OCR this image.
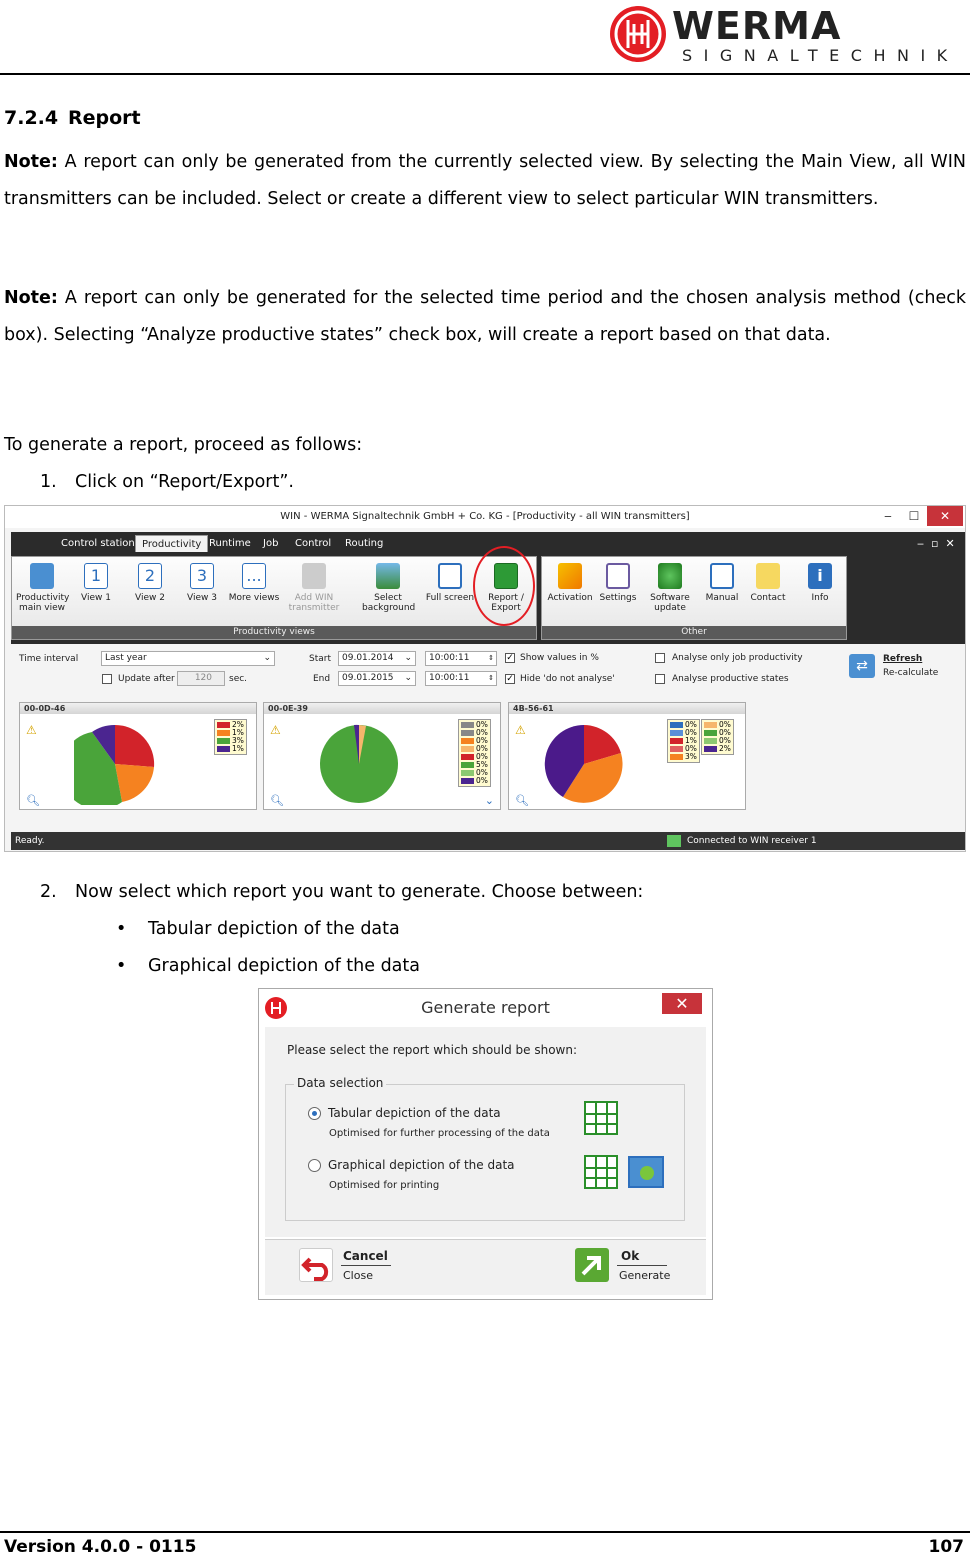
WERMA
SIGNALTECHNIK
7.2.4 Report
Note: A report can only be generated from the currently selected view. By selecting the Main View, all WIN transmitters can be included. Select or create a different view to select particular WIN transmitters.
Note: A report can only be generated for the selected time period and the chosen analysis method (check box). Selecting “Analyze productive states” check box, will create a report based on that data.
To generate a report, proceed as follows:
1. Click on “Report/Export”.
WIN - WERMA Signaltechnik GmbH + Co. KG - [Productivity - all WIN transmitters]	‒	☐	✕
Control station Productivity Runtime	Job	Control	Routing	‒  ▫  ✕
Productivity main view
1
View 1
2
View 2
3
View 3
...
More views	Add WIN transmitter
Select background
Full screen	Report / Export
Productivity views
Activation Settings	Software update
Manual	Contact
i
Info
Other
Time interval	Last year	⌄
Update after	120	sec.
Start	09.01.2014 ⌄	10:00:11	⇕
End	09.01.2015 ⌄	10:00:11	⇕
✓ Show values in %
✓ Hide 'do not analyse'
Analyse only job productivity
Analyse productive states
⇄	Refresh
Re-calculate
00-0D-46
⚠	2%
1%
3%
1%
🔍︎
00-0E-39
⚠	0%
0%
0%
0%
0%
5%
0%
0%
🔍︎	⌄
4B-56-61
⚠	0%
0%
1%
0%
3%
0%
0%
0%
2%
🔍︎
Ready.	Connected to WIN receiver 1
2. Now select which report you want to generate. Choose between:
• Tabular depiction of the data
• Graphical depiction of the data
Generate report	✕
Please select the report which should be shown:
Data selection
Tabular depiction of the data
Optimised for further processing of the data
Graphical depiction of the data
Optimised for printing
Cancel
Close
Ok
Generate
Version 4.0.0 - 0115	107
